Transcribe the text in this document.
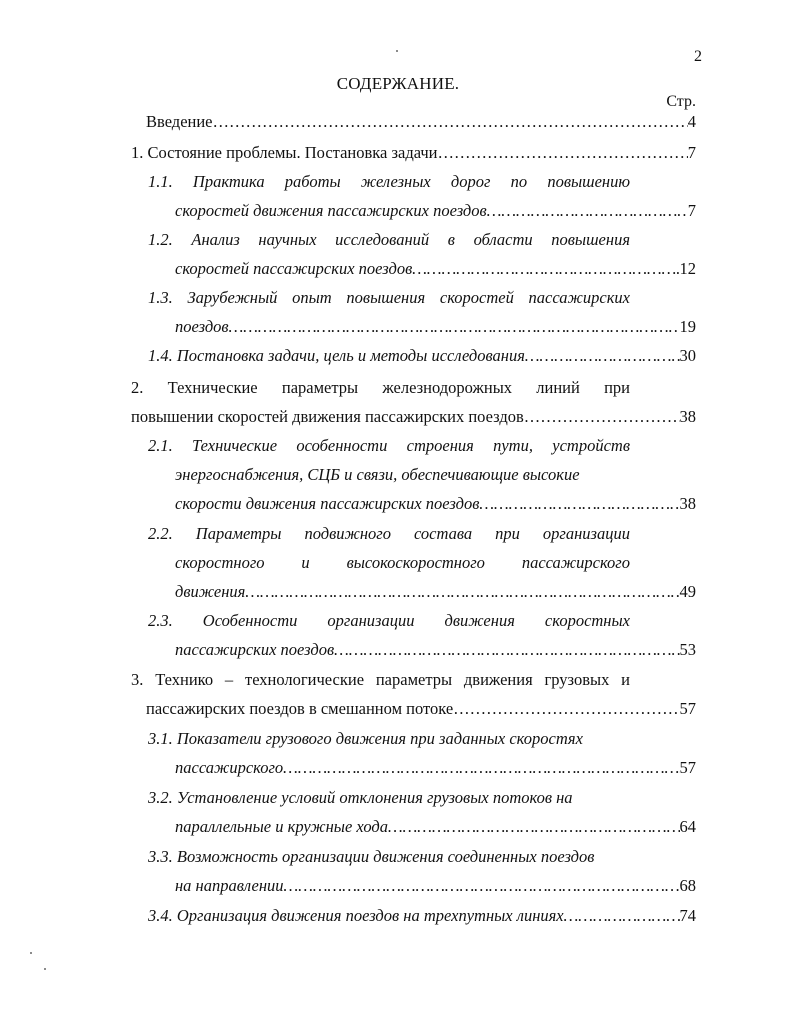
2
СОДЕРЖАНИЕ.
Стр.
Введение ………………………………………………………………………………………………………………………………………………………………	4
1. Состояние проблемы. Постановка задачи ………………………………………………………………………………………………………………………………………………………………	7
1.1. Практика работы железных дорог по повышению
скоростей движения пассажирских поездов ………………………………………………………………………………………………………………………………………………………………	7
1.2. Анализ научных исследований в области повышения
скоростей пассажирских поездов ………………………………………………………………………………………………………………………………………………………………	12
1.3. Зарубежный опыт повышения скоростей пассажирских
поездов ………………………………………………………………………………………………………………………………………………………………	19
1.4. Постановка задачи, цель и методы исследования ………………………………………………………………………………………………………………………………………………………………	30
2. Технические параметры железнодорожных линий при
повышении скоростей движения пассажирских поездов ………………………………………………………………………………………………………………………………………………………………	38
2.1. Технические особенности строения пути, устройств
энергоснабжения, СЦБ и связи, обеспечивающие высокие
скорости движения пассажирских поездов ………………………………………………………………………………………………………………………………………………………………	38
2.2. Параметры подвижного состава при организации
скоростного и высокоскоростного пассажирского
движения ………………………………………………………………………………………………………………………………………………………………	49
2.3. Особенности организации движения скоростных
пассажирских поездов ………………………………………………………………………………………………………………………………………………………………	53
3. Технико – технологические параметры движения грузовых и
пассажирских поездов в смешанном потоке ………………………………………………………………………………………………………………………………………………………………	57
3.1. Показатели грузового движения при заданных скоростях
пассажирского ………………………………………………………………………………………………………………………………………………………………	57
3.2. Установление условий отклонения грузовых потоков на
параллельные и кружные хода ………………………………………………………………………………………………………………………………………………………………	64
3.3. Возможность организации движения соединенных поездов
на направлении ………………………………………………………………………………………………………………………………………………………………	68
3.4. Организация движения поездов на трехпутных линиях ………………………………………………………………………………………………………………………………………………………………	74
